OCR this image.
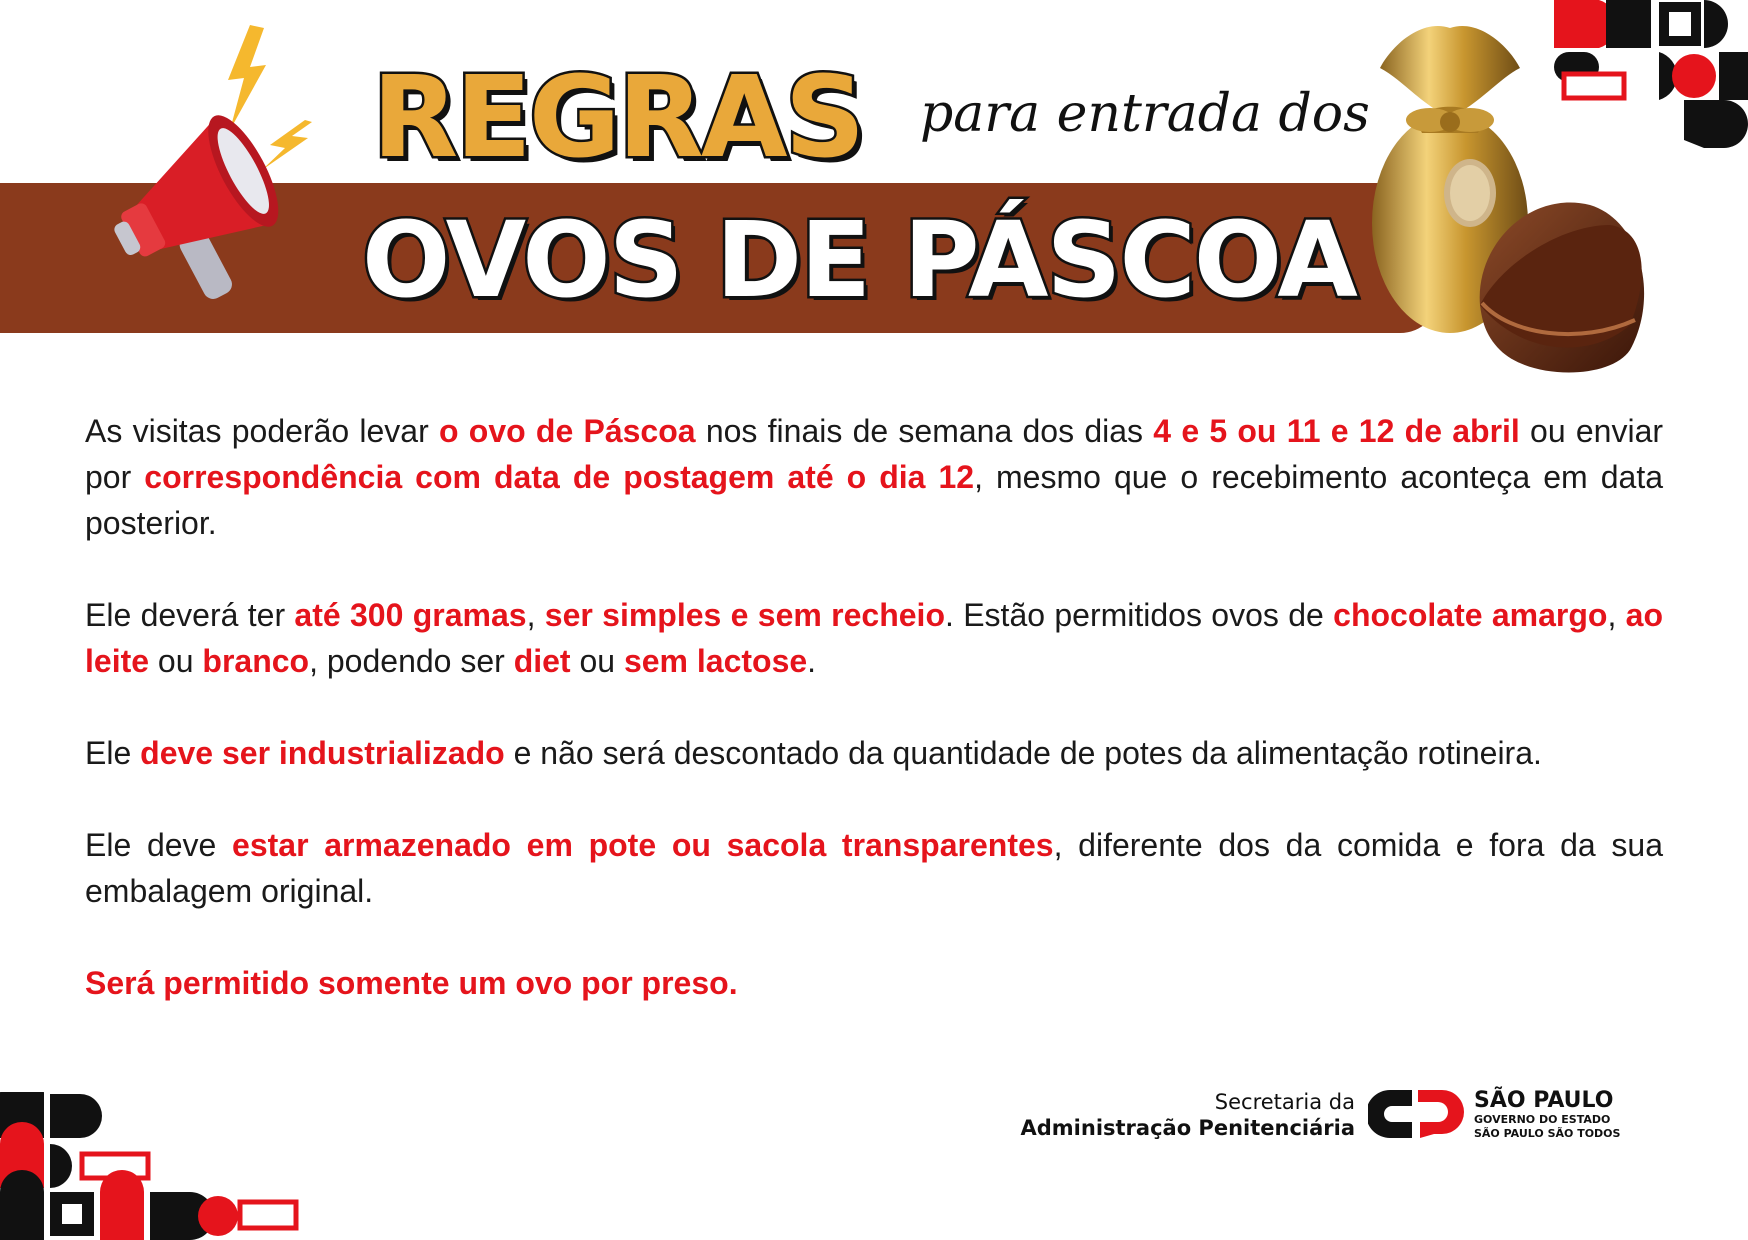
REGRAS para entrada dos
OVOS DE PÁSCOA

As visitas poderão levar o ovo de Páscoa nos finais de semana dos dias 4 e 5 ou 11 e 12 de abril ou enviar por correspondência com data de postagem até o dia 12, mesmo que o recebimento aconteça em data posterior.

Ele deverá ter até 300 gramas, ser simples e sem recheio. Estão permitidos ovos de chocolate amargo, ao leite ou branco, podendo ser diet ou sem lactose.

Ele deve ser industrializado e não será descontado da quantidade de potes da alimentação rotineira.

Ele deve estar armazenado em pote ou sacola transparentes, diferente dos da comida e fora da sua embalagem original.

Será permitido somente um ovo por preso.

Secretaria da
Administração Penitenciária
SÃO PAULO
GOVERNO DO ESTADO
SÃO PAULO SÃO TODOS
